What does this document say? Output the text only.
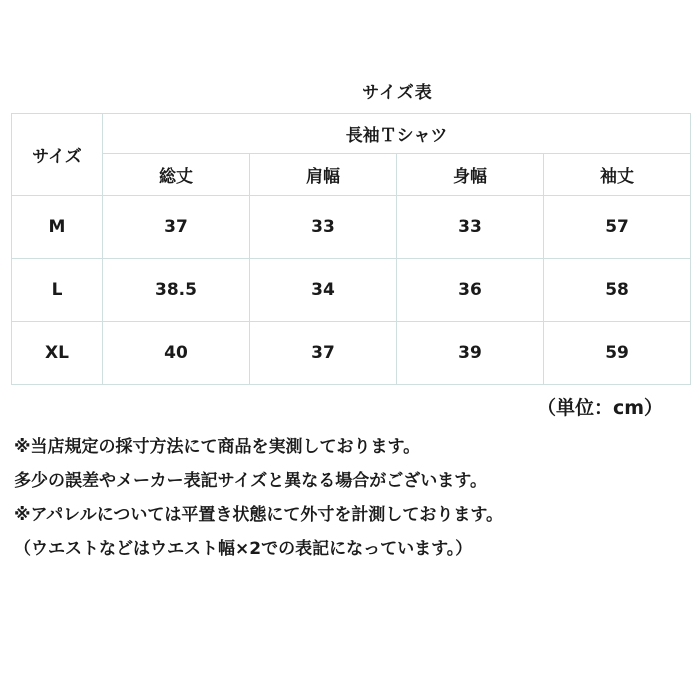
サイズ表
サイズ	長袖Ｔシャツ			
	総丈	肩幅	身幅	袖丈
M	37	33	33	57
L	38.5	34	36	58
XL	40	37	39	59
（単位：cm）
※当店規定の採寸方法にて商品を実測しております。
多少の誤差やメーカー表記サイズと異なる場合がございます。
※アパレルについては平置き状態にて外寸を計測しております。
（ウエストなどはウエスト幅×2での表記になっています。）
